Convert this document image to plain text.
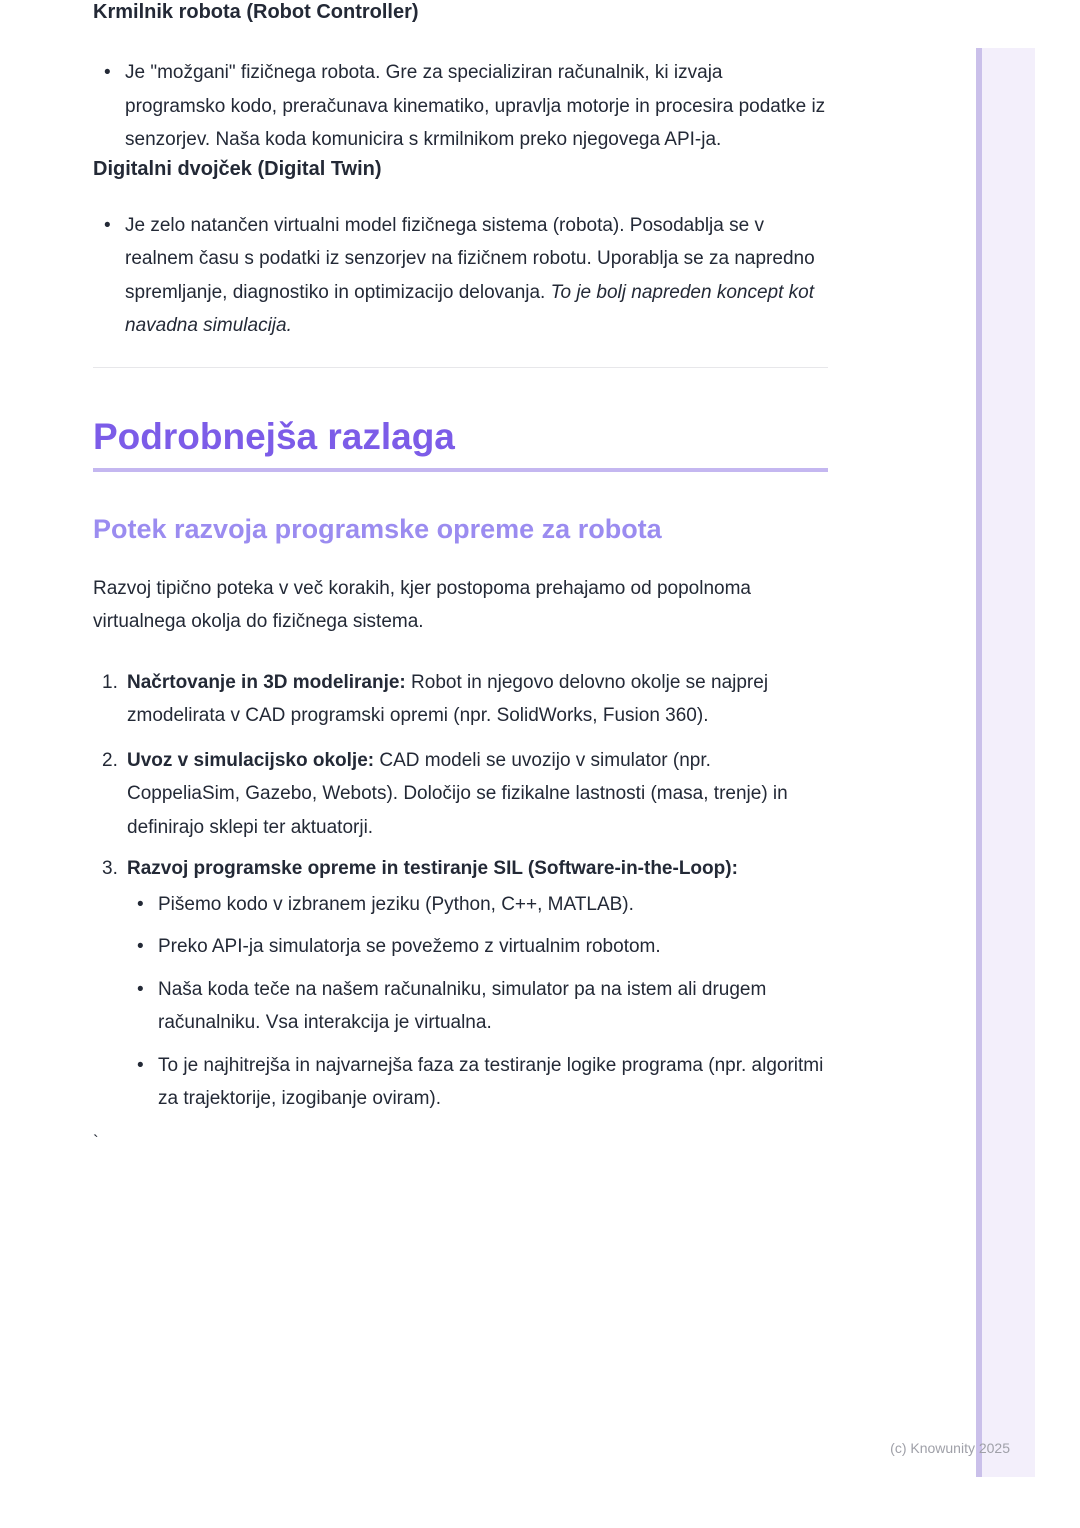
Krmilnik robota (Robot Controller)
• Je "možgani" fizičnega robota. Gre za specializiran računalnik, ki izvaja programsko kodo, preračunava kinematiko, upravlja motorje in procesira podatke iz senzorjev. Naša koda komunicira s krmilnikom preko njegovega API-ja.
Digitalni dvojček (Digital Twin)
• Je zelo natančen virtualni model fizičnega sistema (robota). Posodablja se v realnem času s podatki iz senzorjev na fizičnem robotu. Uporablja se za napredno spremljanje, diagnostiko in optimizacijo delovanja. To je bolj napreden koncept kot navadna simulacija.
Podrobnejša razlaga
Potek razvoja programske opreme za robota

Razvoj tipično poteka v več korakih, kjer postopoma prehajamo od popolnoma virtualnega okolja do fizičnega sistema.

1. Načrtovanje in 3D modeliranje: Robot in njegovo delovno okolje se najprej zmodelirata v CAD programski opremi (npr. SolidWorks, Fusion 360).
2. Uvoz v simulacijsko okolje: CAD modeli se uvozijo v simulator (npr. CoppeliaSim, Gazebo, Webots). Določijo se fizikalne lastnosti (masa, trenje) in definirajo sklepi ter aktuatorji.
3. Razvoj programske opreme in testiranje SIL (Software-in-the-Loop):
• Pišemo kodo v izbranem jeziku (Python, C++, MATLAB).
• Preko API-ja simulatorja se povežemo z virtualnim robotom.
• Naša koda teče na našem računalniku, simulator pa na istem ali drugem računalniku. Vsa interakcija je virtualna.
• To je najhitrejša in najvarnejša faza za testiranje logike programa (npr. algoritmi za trajektorije, izogibanje oviram).
`
(c) Knowunity 2025
